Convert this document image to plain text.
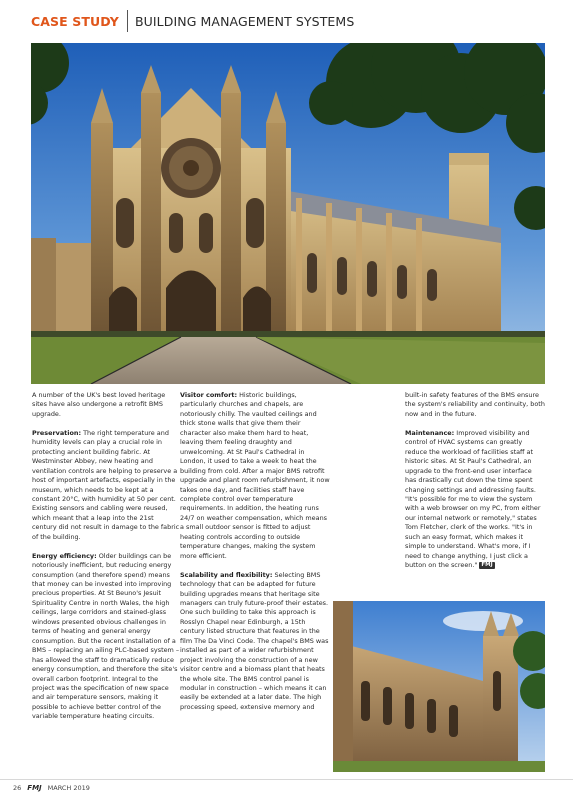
CASE STUDY BUILDING MANAGEMENT SYSTEMS

A number of the UK's best loved heritage sites have also undergone a retrofit BMS upgrade.

Preservation: The right temperature and humidity levels can play a crucial role in protecting ancient building fabric. At Westminster Abbey, new heating and ventilation controls are helping to preserve a host of important artefacts, especially in the museum, which needs to be kept at a constant 20°C, with humidity at 50 per cent. Existing sensors and cabling were reused, which meant that a leap into the 21st century did not result in damage to the fabric of the building.

Energy efficiency: Older buildings can be notoriously inefficient, but reducing energy consumption (and therefore spend) means that money can be invested into improving precious properties. At St Beuno's Jesuit Spirituality Centre in north Wales, the high ceilings, large corridors and stained-glass windows presented obvious challenges in terms of heating and general energy consumption. But the recent installation of a BMS – replacing an ailing PLC-based system – has allowed the staff to dramatically reduce energy consumption, and therefore the site's overall carbon footprint. Integral to the project was the specification of new space and air temperature sensors, making it possible to achieve better control of the variable temperature heating circuits.

Visitor comfort: Historic buildings, particularly churches and chapels, are notoriously chilly. The vaulted ceilings and thick stone walls that give them their character also make them hard to heat, leaving them feeling draughty and unwelcoming. At St Paul's Cathedral in London, it used to take a week to heat the building from cold. After a major BMS retrofit upgrade and plant room refurbishment, it now takes one day, and facilities staff have complete control over temperature requirements. In addition, the heating runs 24/7 on weather compensation, which means a small outdoor sensor is fitted to adjust heating controls according to outside temperature changes, making the system more efficient.

Scalability and flexibility: Selecting BMS technology that can be adapted for future building upgrades means that heritage site managers can truly future-proof their estates. One such building to take this approach is Rosslyn Chapel near Edinburgh, a 15th century listed structure that features in the film The Da Vinci Code. The chapel's BMS was installed as part of a wider refurbishment project involving the construction of a new visitor centre and a biomass plant that heats the whole site. The BMS control panel is modular in construction – which means it can easily be extended at a later date. The high processing speed, extensive memory and

built-in safety features of the BMS ensure the system's reliability and continuity, both now and in the future.

Maintenance: Improved visibility and control of HVAC systems can greatly reduce the workload of facilities staff at historic sites. At St Paul's Cathedral, an upgrade to the front-end user interface has drastically cut down the time spent changing settings and addressing faults. "It's possible for me to view the system with a web browser on my PC, from either our internal network or remotely," states Tom Fletcher, clerk of the works. "It's in such an easy format, which makes it simple to understand. What's more, if I need to change anything, I just click a button on the screen." FMJ

26 FMJ MARCH 2019
